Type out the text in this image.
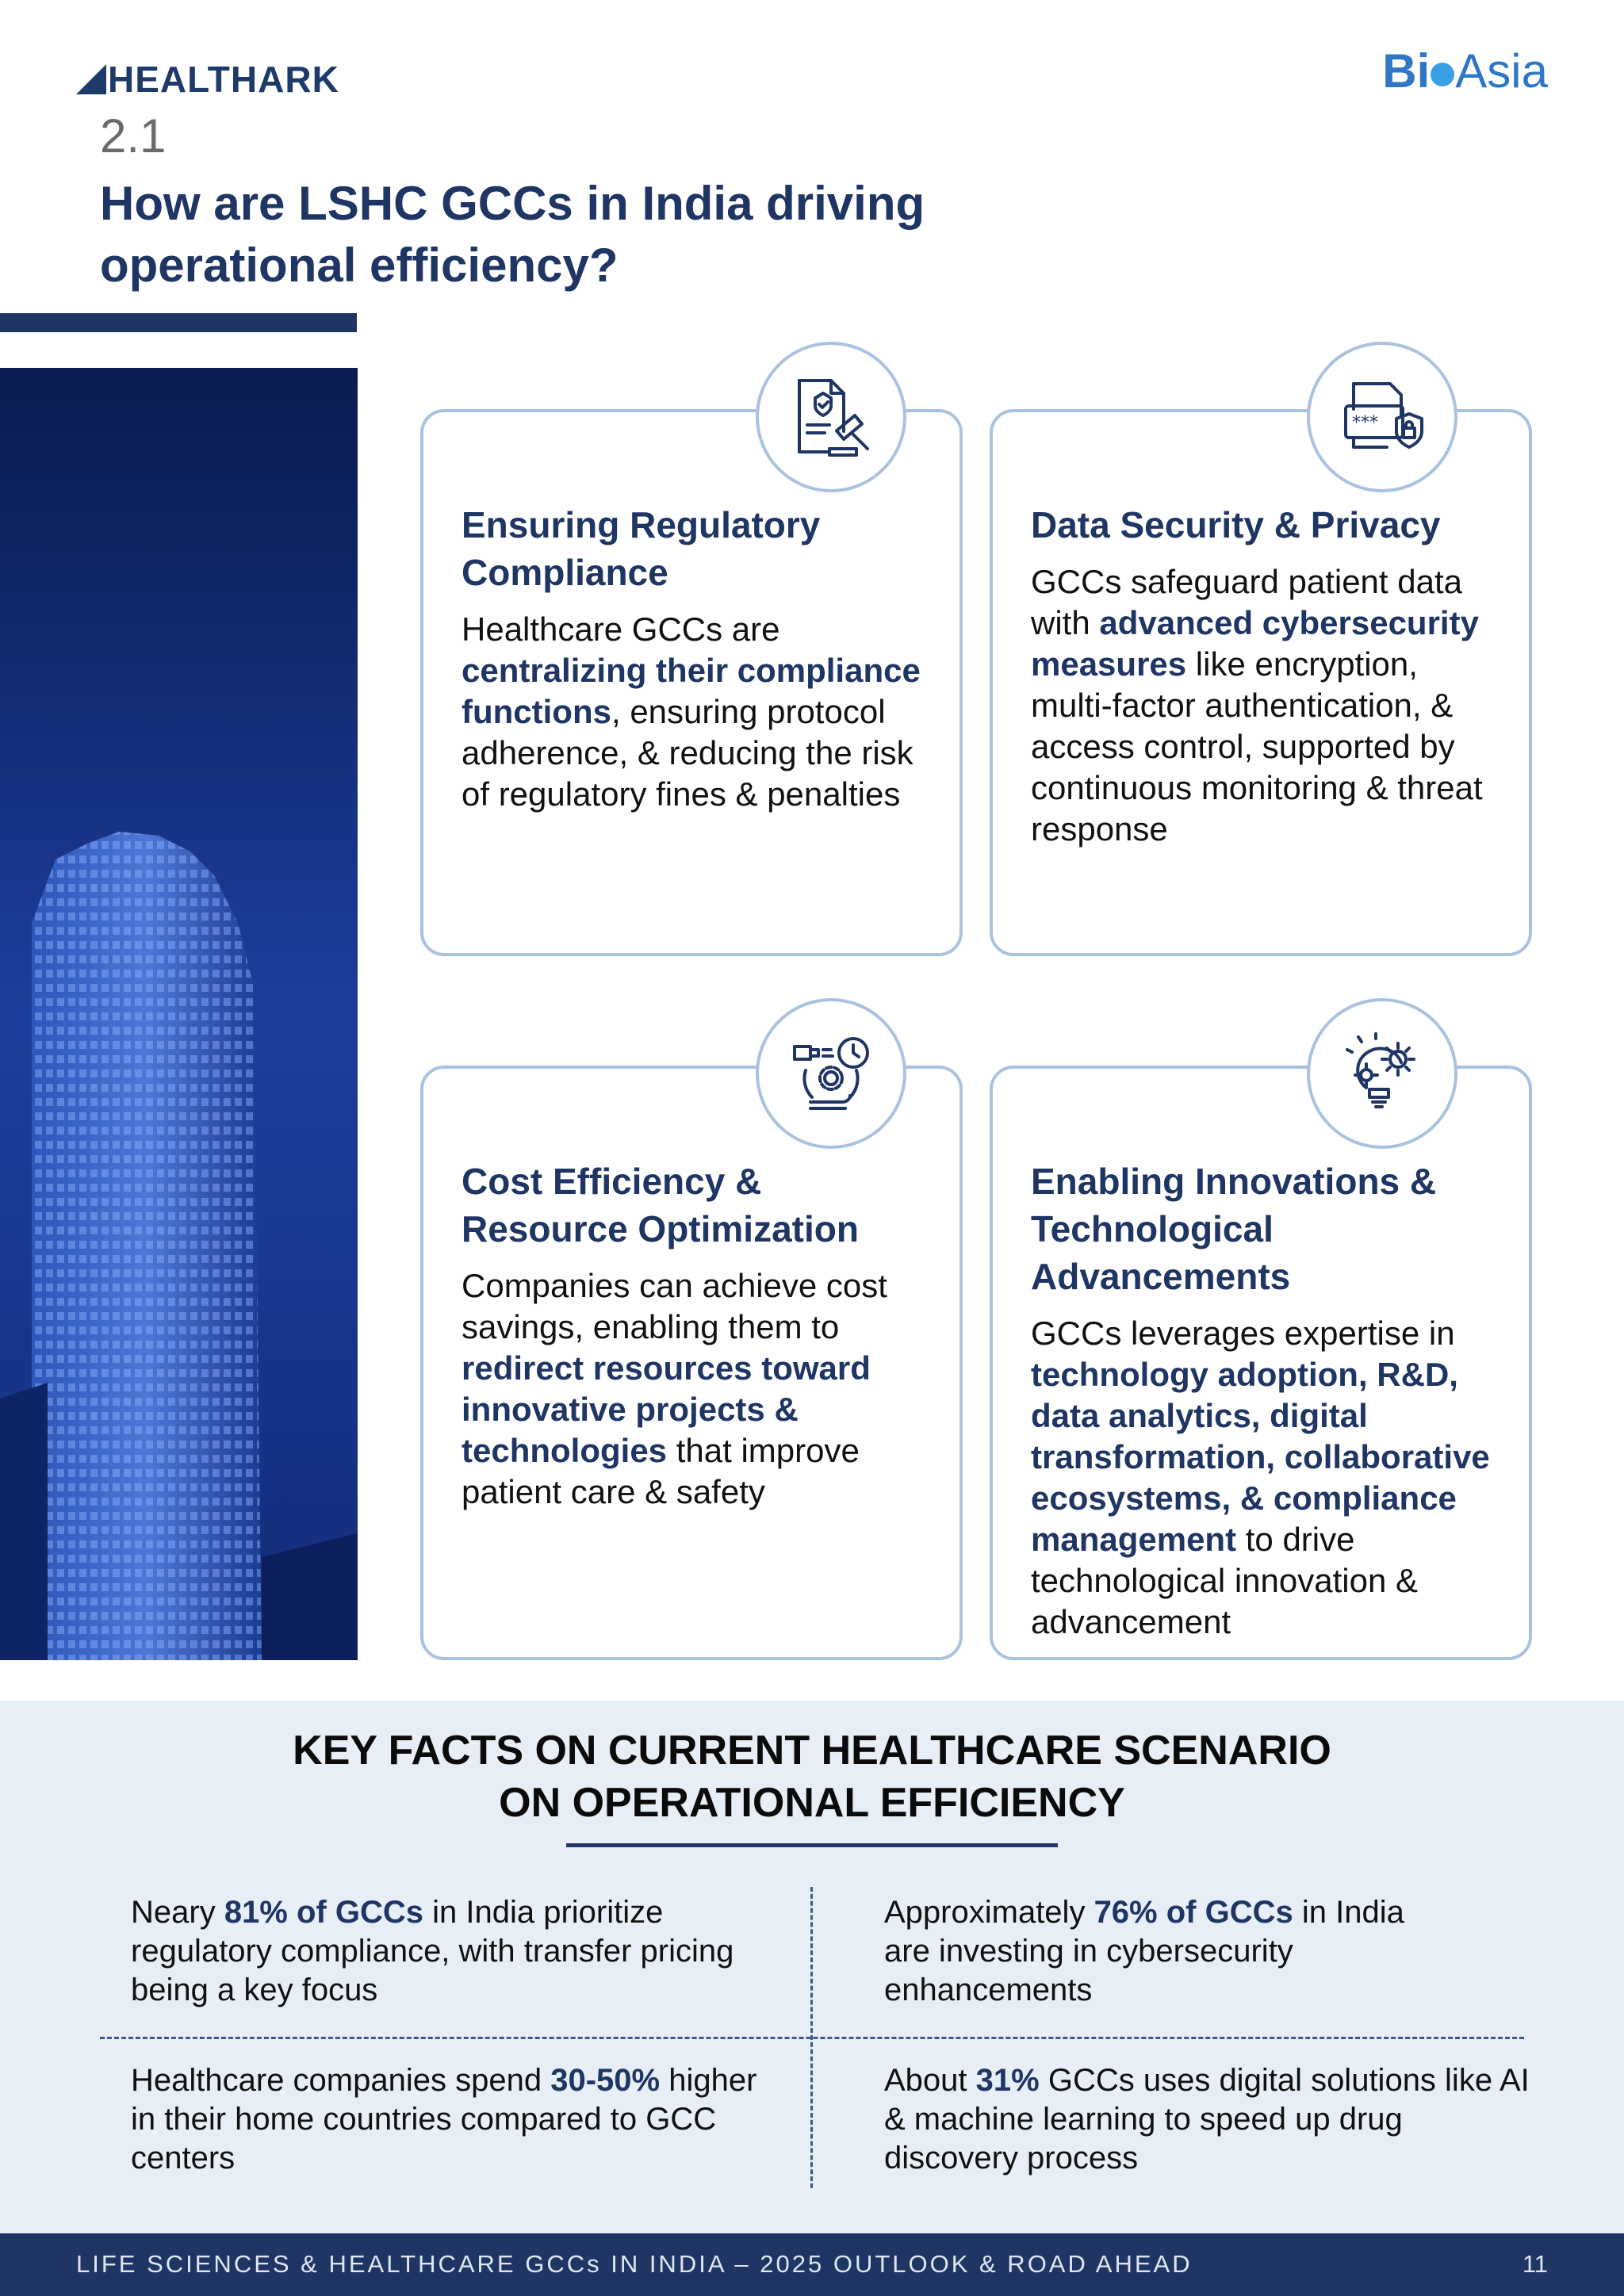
HEALTHARK	Bi Asia
2.1
How are LSHC GCCs in India driving operational efficiency?
Ensuring Regulatory Compliance
Healthcare GCCs are centralizing their compliance functions, ensuring protocol adherence, & reducing the risk of regulatory fines & penalties
Data Security & Privacy
GCCs safeguard patient data with advanced cybersecurity measures like encryption, multi-factor authentication, & access control, supported by continuous monitoring & threat response
***
Cost Efficiency & Resource Optimization
Companies can achieve cost savings, enabling them to redirect resources toward innovative projects & technologies that improve patient care & safety
Enabling Innovations & Technological Advancements
GCCs leverages expertise in technology adoption, R&D, data analytics, digital transformation, collaborative ecosystems, & compliance management to drive technological innovation & advancement
KEY FACTS ON CURRENT HEALTHCARE SCENARIO
ON OPERATIONAL EFFICIENCY
Neary 81% of GCCs in India prioritize regulatory compliance, with transfer pricing being a key focus
Approximately 76% of GCCs in India are investing in cybersecurity enhancements
Healthcare companies spend 30-50% higher in their home countries compared to GCC centers
About 31% GCCs uses digital solutions like AI & machine learning to speed up drug discovery process
LIFE SCIENCES & HEALTHCARE GCCs IN INDIA – 2025 OUTLOOK & ROAD AHEAD	11
